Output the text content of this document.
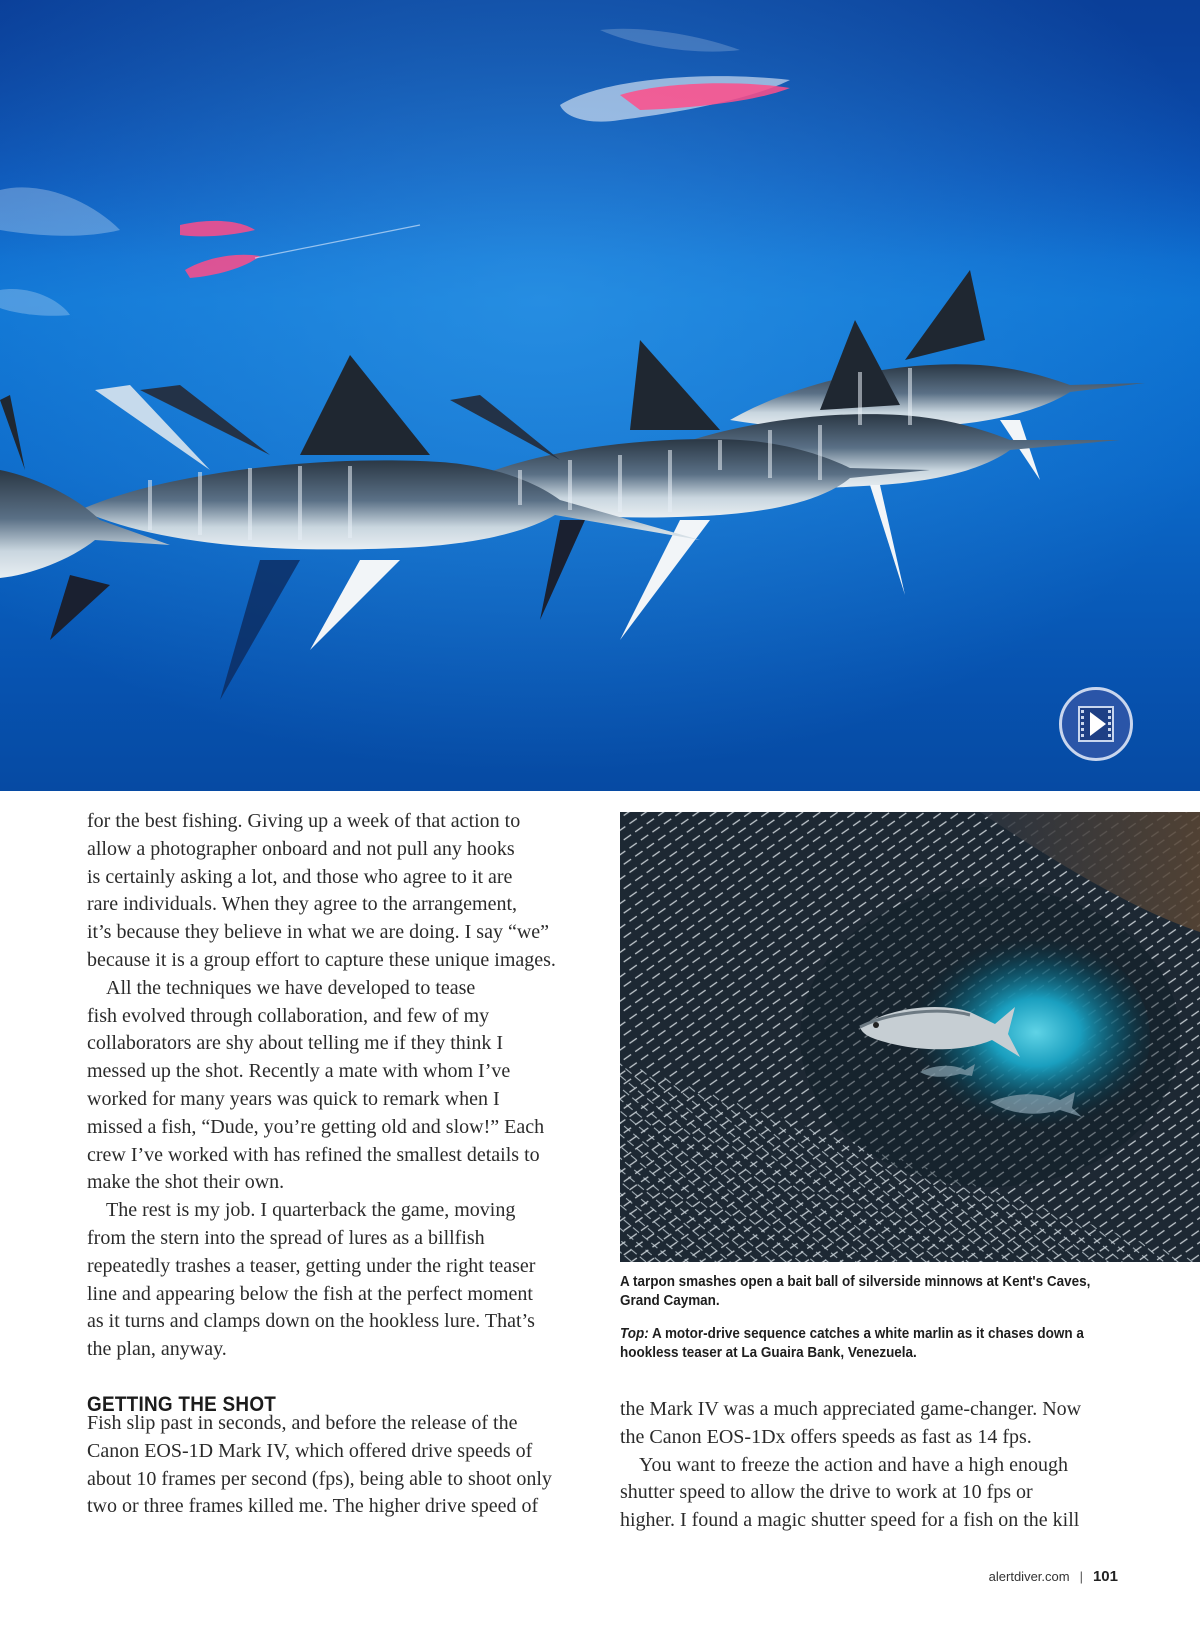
for the best fishing. Giving up a week of that action to
allow a photographer onboard and not pull any hooks
is certainly asking a lot, and those who agree to it are
rare individuals. When they agree to the arrangement,
it’s because they believe in what we are doing. I say “we”
because it is a group effort to capture these unique images.

All the techniques we have developed to tease
fish evolved through collaboration, and few of my
collaborators are shy about telling me if they think I
messed up the shot. Recently a mate with whom I’ve
worked for many years was quick to remark when I
missed a fish, “Dude, you’re getting old and slow!” Each
crew I’ve worked with has refined the smallest details to
make the shot their own.

The rest is my job. I quarterback the game, moving
from the stern into the spread of lures as a billfish
repeatedly trashes a teaser, getting under the right teaser
line and appearing below the fish at the perfect moment
as it turns and clamps down on the hookless lure. That’s
the plan, anyway.

GETTING THE SHOT

Fish slip past in seconds, and before the release of the
Canon EOS-1D Mark IV, which offered drive speeds of
about 10 frames per second (fps), being able to shoot only
two or three frames killed me. The higher drive speed of

the Mark IV was a much appreciated game-changer. Now
the Canon EOS-1Dx offers speeds as fast as 14 fps.

You want to freeze the action and have a high enough
shutter speed to allow the drive to work at 10 fps or
higher. I found a magic shutter speed for a fish on the kill

A tarpon smashes open a bait ball of silverside minnows at Kent's Caves, Grand Cayman.
Top: A motor-drive sequence catches a white marlin as it chases down a hookless teaser at La Guaira Bank, Venezuela.
alertdiver.com | 101
